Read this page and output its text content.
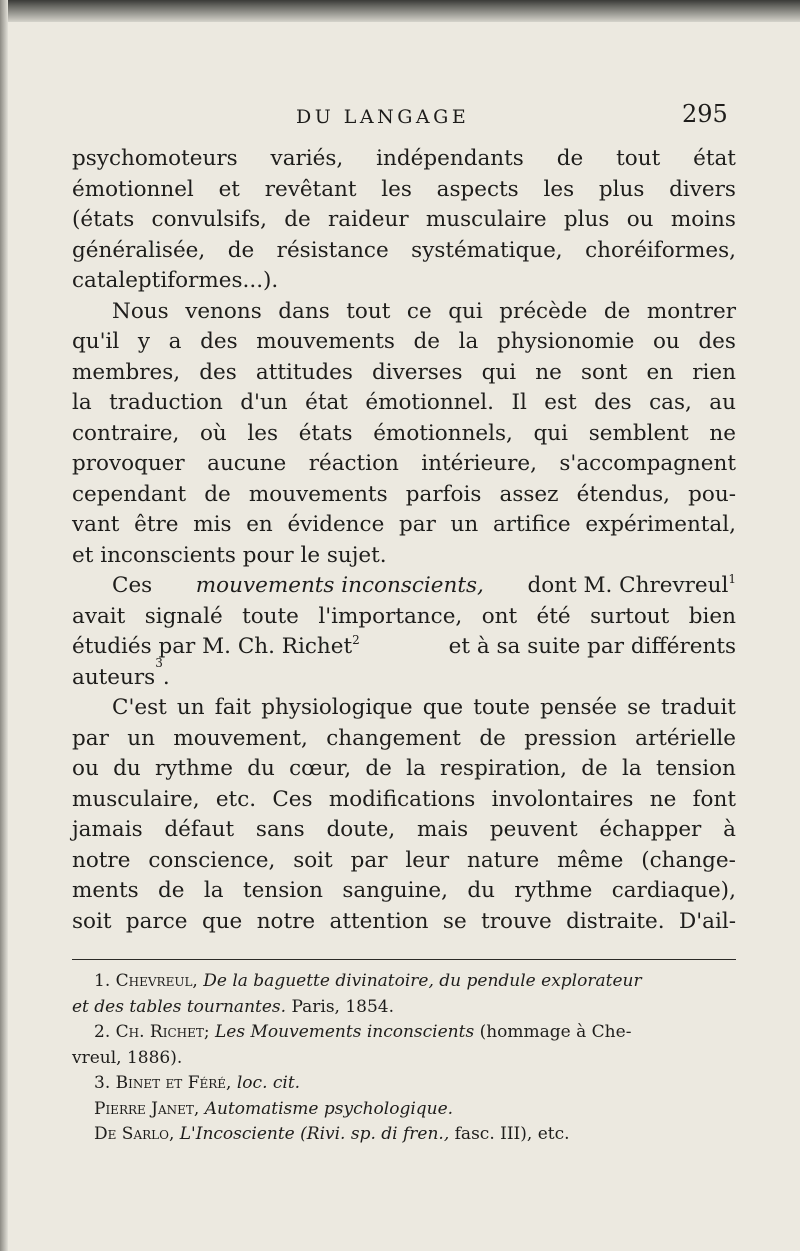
DU LANGAGE	295
psychomoteurs variés, indépendants de tout état
émotionnel et revêtant les aspects les plus divers
(états convulsifs, de raideur musculaire plus ou moins
généralisée, de résistance systématique, choréiformes,
cataleptiformes...).
Nous venons dans tout ce qui précède de montrer
qu'il y a des mouvements de la physionomie ou des
membres, des attitudes diverses qui ne sont en rien
la traduction d'un état émotionnel. Il est des cas, au
contraire, où les états émotionnels, qui semblent ne
provoquer aucune réaction intérieure, s'accompagnent
cependant de mouvements parfois assez étendus, pou-
vant être mis en évidence par un artifice expérimental,
et inconscients pour le sujet.
Ces mouvements inconscients, dont M. Chrevreul$^1$
avait signalé toute l'importance, ont été surtout bien
étudiés par M. Ch. Richet$^2$	et à sa suite par différents
auteurs
3
.
C'est un fait physiologique que toute pensée se traduit
par un mouvement, changement de pression artérielle
ou du rythme du cœur, de la respiration, de la tension
musculaire, etc. Ces modifications involontaires ne font
jamais défaut sans doute, mais peuvent échapper à
notre conscience, soit par leur nature même (change-
ments de la tension sanguine, du rythme cardiaque),
soit parce que notre attention se trouve distraite. D'ail-
1. Chevreul, De la baguette divinatoire, du pendule explorateur
et des tables tournantes. Paris, 1854.
2. Ch. Richet; Les Mouvements inconscients (hommage à Che-
vreul, 1886).
3. Binet et Féré, loc. cit.
Pierre Janet, Automatisme psychologique.
De Sarlo, L'Incosciente (Rivi. sp. di fren., fasc. III), etc.
